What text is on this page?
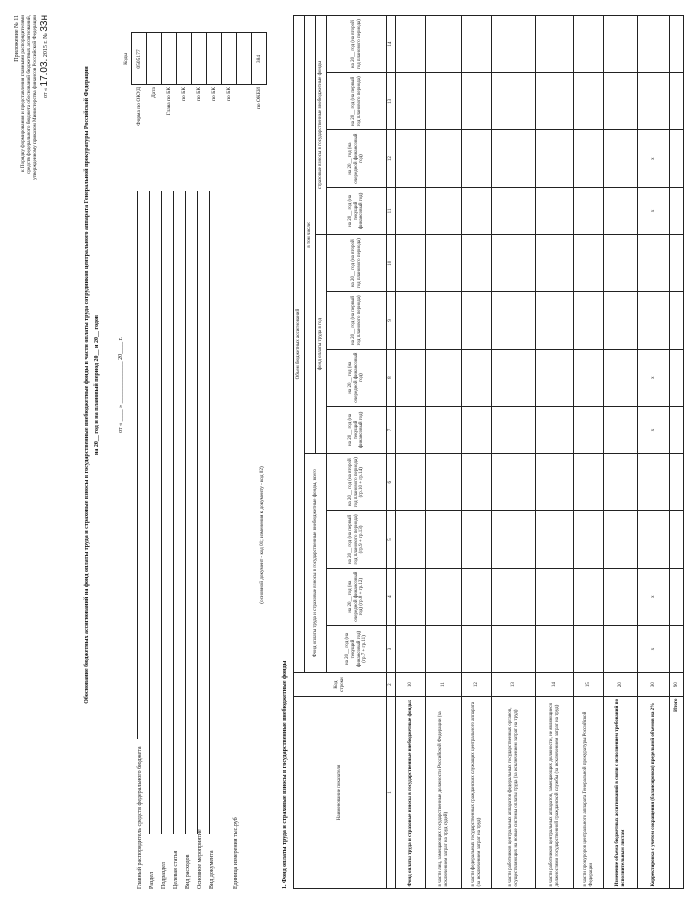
Приложение № 11 к Порядку формирования и представления главными распорядителями средств федерального бюджета обоснований бюджетных ассигнований, утвержденному приказом Министерства финансов Российской Федерации от « 17.03. 2015 г. № 33н
Обоснование бюджетных ассигнований на фонд оплаты труда и страховые взносы в государственные внебюджетные фонды в части оплаты труда сотрудников центрального аппарата Генеральной прокуратуры Российской Федерации
на 20__ год и на плановый период 20__ и 20__ годов	от « ____ » ______________ 20____ г.
Коды
Форма по ОКУД	0505177
Дата	
Глава по БК	
по БК	
по БК	
по БК	
по БК	

по ОКЕИ	384
Главный распорядитель средств федерального бюджета	Раздел	Подраздел	Целевая статья	Вид расходов	Основное мероприятие	Вид документа	Единица измерения тыс.руб
(основной документ - код 01; изменения к документу - код 02)
1. Фонд оплаты труда и страховые взносы в государственные внебюджетные фонды	Наименование показателя	Код строки	Объем бюджетных ассигнований											
		Фонд оплаты труда и страховые взносы в государственные внебюджетные фонды, всего				в том числе:							
						фонд оплаты труда в год				страховые взносы в государственные внебюджетные фонды			
		на 20__ год (на текущий финансовый год) (гр.7 + гр.11)	на 20__ год (на очередной финансовый год) (гр.8 + гр.12)	на 20__ год (на первый год планового периода) (гр.9 + гр.13)	на 20__ год (на второй год планового периода) (гр.10 + гр.14)	на 20__ год (на текущий финансовый год)	на 20__ год (на очередной финансовый год)	на 20__ год (на первый год планового периода)	на 20__ год (на второй год планового периода)	на 20__ год (на текущий финансовый год)	на 20__ год (на очередной финансовый год)	на 20__ год (на первый год планового периода)	на 20__ год (на второй год планового периода)
1	2	3	4	5	6	7	8	9	10	11	12	13	14
Фонд оплаты труда и страховые взносы в государственные внебюджетные фонды:	10												
в части лиц, замещающих государственные должности Российской Федерации (за исключением затрат на труд судей)	11												
в части федеральных государственных гражданских служащих центрального аппарата (за исключением затрат на труд)	12												
в части работников центральных аппаратов федеральных государственных органов, осуществляющих на новые системы оплаты труда (за исключением затрат на труд)	13												
в части работников центральных аппаратов, замещающих должности, не являющиеся должностями государственной гражданской службы (за исключением затрат на труд)	14												
в части прокуроров центрального аппарата Генеральной прокуратуры Российской Федерации	15												
Изменение объема бюджетных ассигнований в связи с исполнением требований по исполнительным листам	20												
Корректировка с учетом сокращения (баланcировки) предельной объемов на 2%	30	x	x			x	x			x	x		
Итого	90												
